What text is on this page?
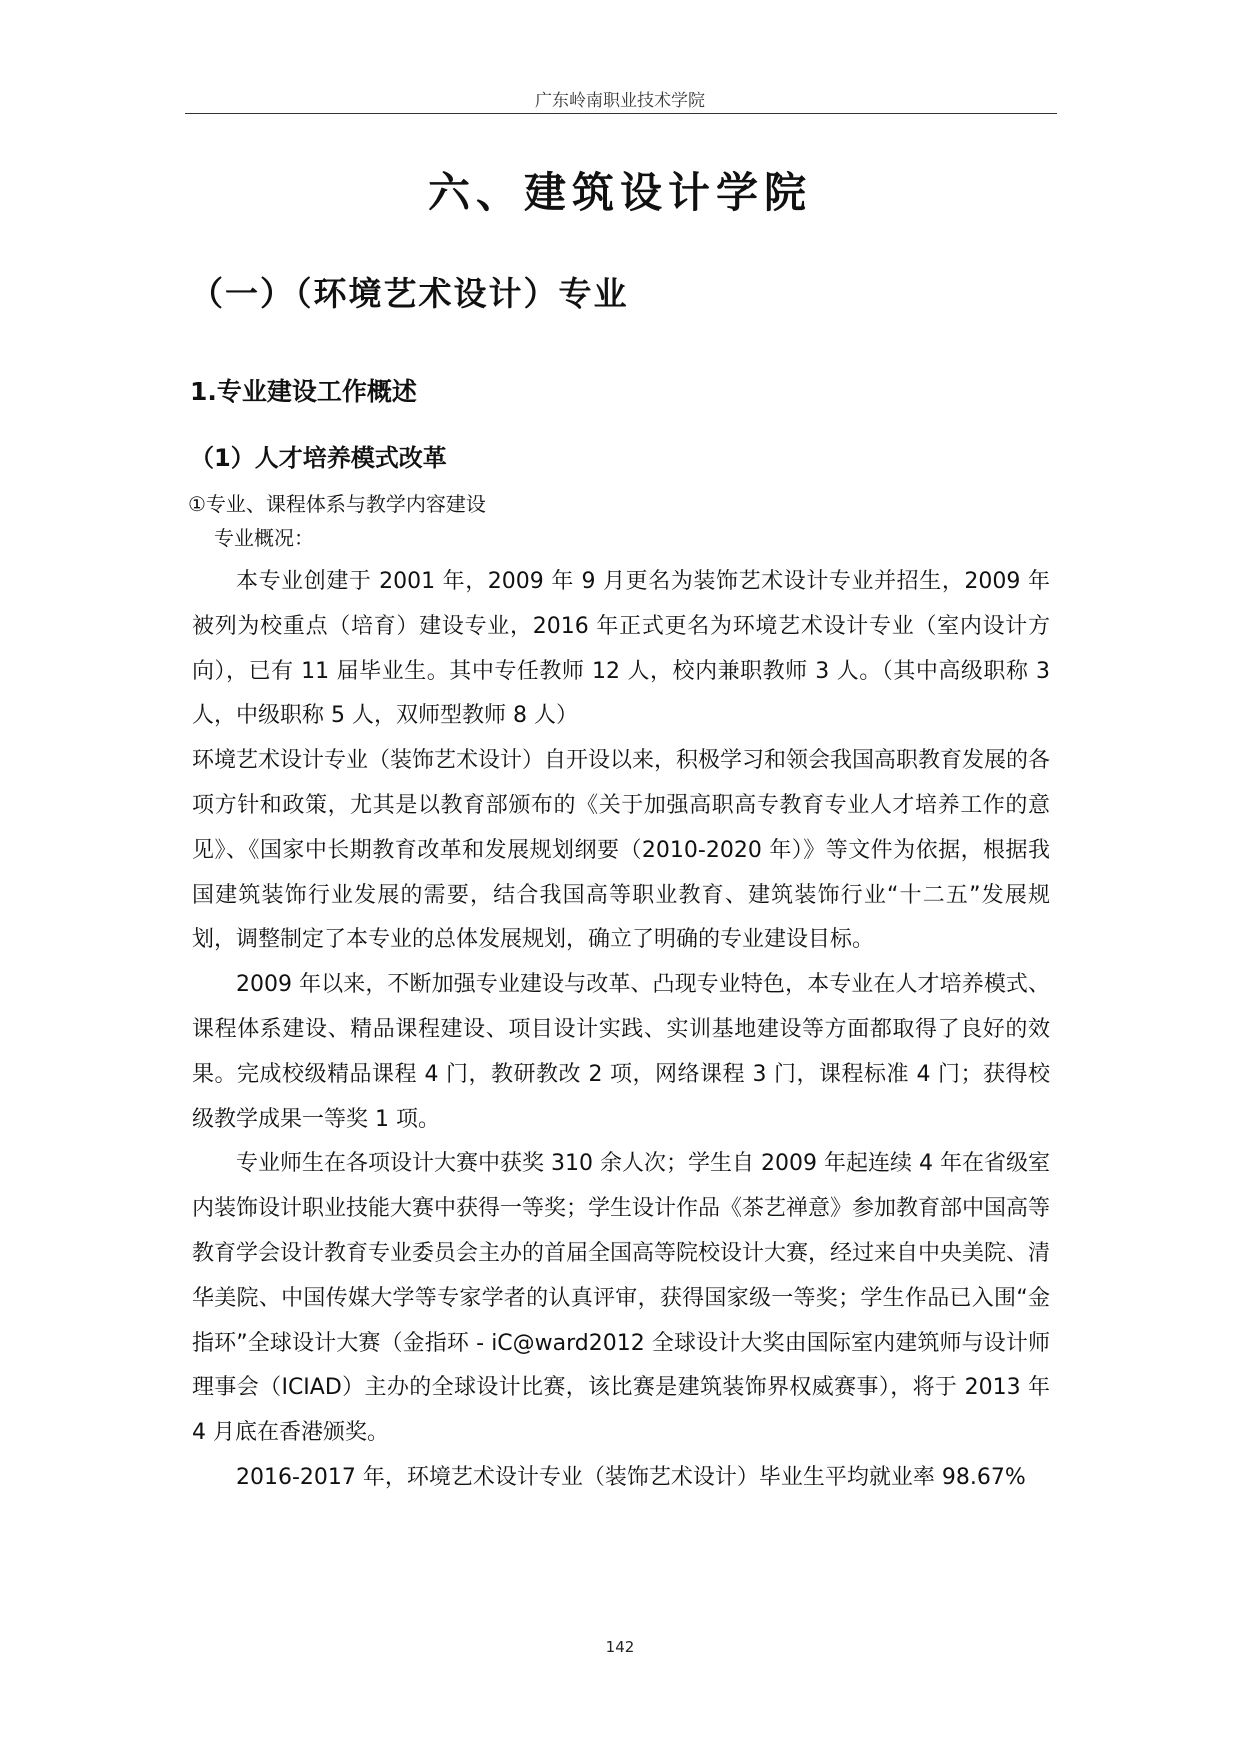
广东岭南职业技术学院
六、建筑设计学院
（一）（环境艺术设计）专业
1.专业建设工作概述
（1）人才培养模式改革
①专业、课程体系与教学内容建设
专业概况：

本专业创建于 2001 年，2009 年 9 月更名为装饰艺术设计专业并招生，2009 年被列为校重点（培育）建设专业，2016 年正式更名为环境艺术设计专业（室内设计方向），已有 11 届毕业生。其中专任教师 12 人，校内兼职教师 3 人。（其中高级职称 3 人，中级职称 5 人，双师型教师 8 人）

环境艺术设计专业（装饰艺术设计）自开设以来，积极学习和领会我国高职教育发展的各项方针和政策，尤其是以教育部颁布的《关于加强高职高专教育专业人才培养工作的意见》、《国家中长期教育改革和发展规划纲要（2010-2020 年）》等文件为依据，根据我国建筑装饰行业发展的需要，结合我国高等职业教育、建筑装饰行业“十二五”发展规划，调整制定了本专业的总体发展规划，确立了明确的专业建设目标。

2009 年以来，不断加强专业建设与改革、凸现专业特色，本专业在人才培养模式、课程体系建设、精品课程建设、项目设计实践、实训基地建设等方面都取得了良好的效果。完成校级精品课程 4 门，教研教改 2 项，网络课程 3 门，课程标准 4 门；获得校级教学成果一等奖 1 项。

专业师生在各项设计大赛中获奖 310 余人次；学生自 2009 年起连续 4 年在省级室内装饰设计职业技能大赛中获得一等奖；学生设计作品《茶艺禅意》参加教育部中国高等教育学会设计教育专业委员会主办的首届全国高等院校设计大赛，经过来自中央美院、清华美院、中国传媒大学等专家学者的认真评审，获得国家级一等奖；学生作品已入围“金指环”全球设计大赛（金指环 - iC@ward2012 全球设计大奖由国际室内建筑师与设计师理事会（ICIAD）主办的全球设计比赛，该比赛是建筑装饰界权威赛事），将于 2013 年 4 月底在香港颁奖。

2016-2017 年，环境艺术设计专业（装饰艺术设计）毕业生平均就业率 98.67%

142
